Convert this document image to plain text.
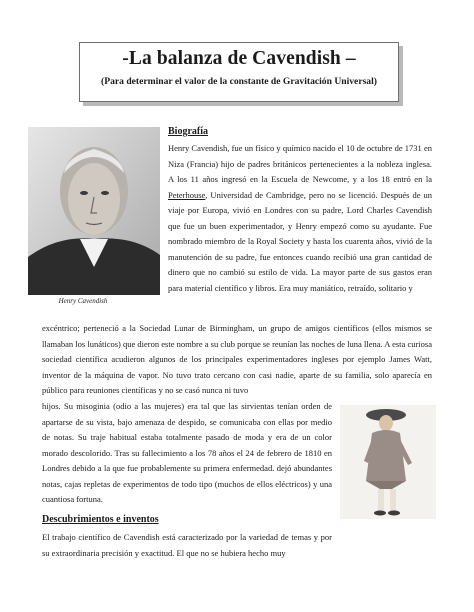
-La balanza de Cavendish –
(Para determinar el valor de la constante de Gravitación Universal)
Henry Cavendish

Biografía

Henry Cavendish, fue un físico y químico nacido el 10 de octubre de 1731 en Niza (Francia) hijo de padres británicos pertenecientes a la nobleza inglesa. A los 11 años ingresó en la Escuela de Newcome, y a los 18 entró en la Peterhouse, Universidad de Cambridge, pero no se licenció. Después de un viaje por Europa, vivió en Londres con su padre, Lord Charles Cavendish que fue un buen experimentador, y Henry empezó como su ayudante. Fue nombrado miembro de la Royal Society y hasta los cuarenta años, vivió de la manutención de su padre, fue entonces cuando recibió una gran cantidad de dinero que no cambió su estilo de vida. La mayor parte de sus gastos eran para material científico y libros. Era muy maniático, retraído, solitario y

excéntrico; perteneció a la Sociedad Lunar de Birmingham, un grupo de amigos científicos (ellos mismos se llamaban los lunáticos) que dieron este nombre a su club porque se reunían las noches de luna llena. A esta curiosa sociedad científica acudieron algunos de los principales experimentadores ingleses por ejemplo James Watt, inventor de la máquina de vapor. No tuvo trato cercano con casi nadie, aparte de su familia, solo aparecía en público para reuniones científicas y no se casó nunca ni tuvo

hijos. Su misoginia (odio a las mujeres) era tal que las sirvientas tenían orden de apartarse de su vista, bajo amenaza de despido, se comunicaba con ellas por medio de notas. Su traje habitual estaba totalmente pasado de moda y era de un color morado descolorido. Tras su fallecimiento a los 78 años el 24 de febrero de 1810 en Londres debido a la que fue probablemente su primera enfermedad. dejó abundantes notas, cajas repletas de experimentos de todo tipo (muchos de ellos eléctricos) y una cuantiosa fortuna.

Descubrimientos e inventos

El trabajo científico de Cavendish está caracterizado por la variedad de temas y por su extraordinaria precisión y exactitud. El que no se hubiera hecho muy
